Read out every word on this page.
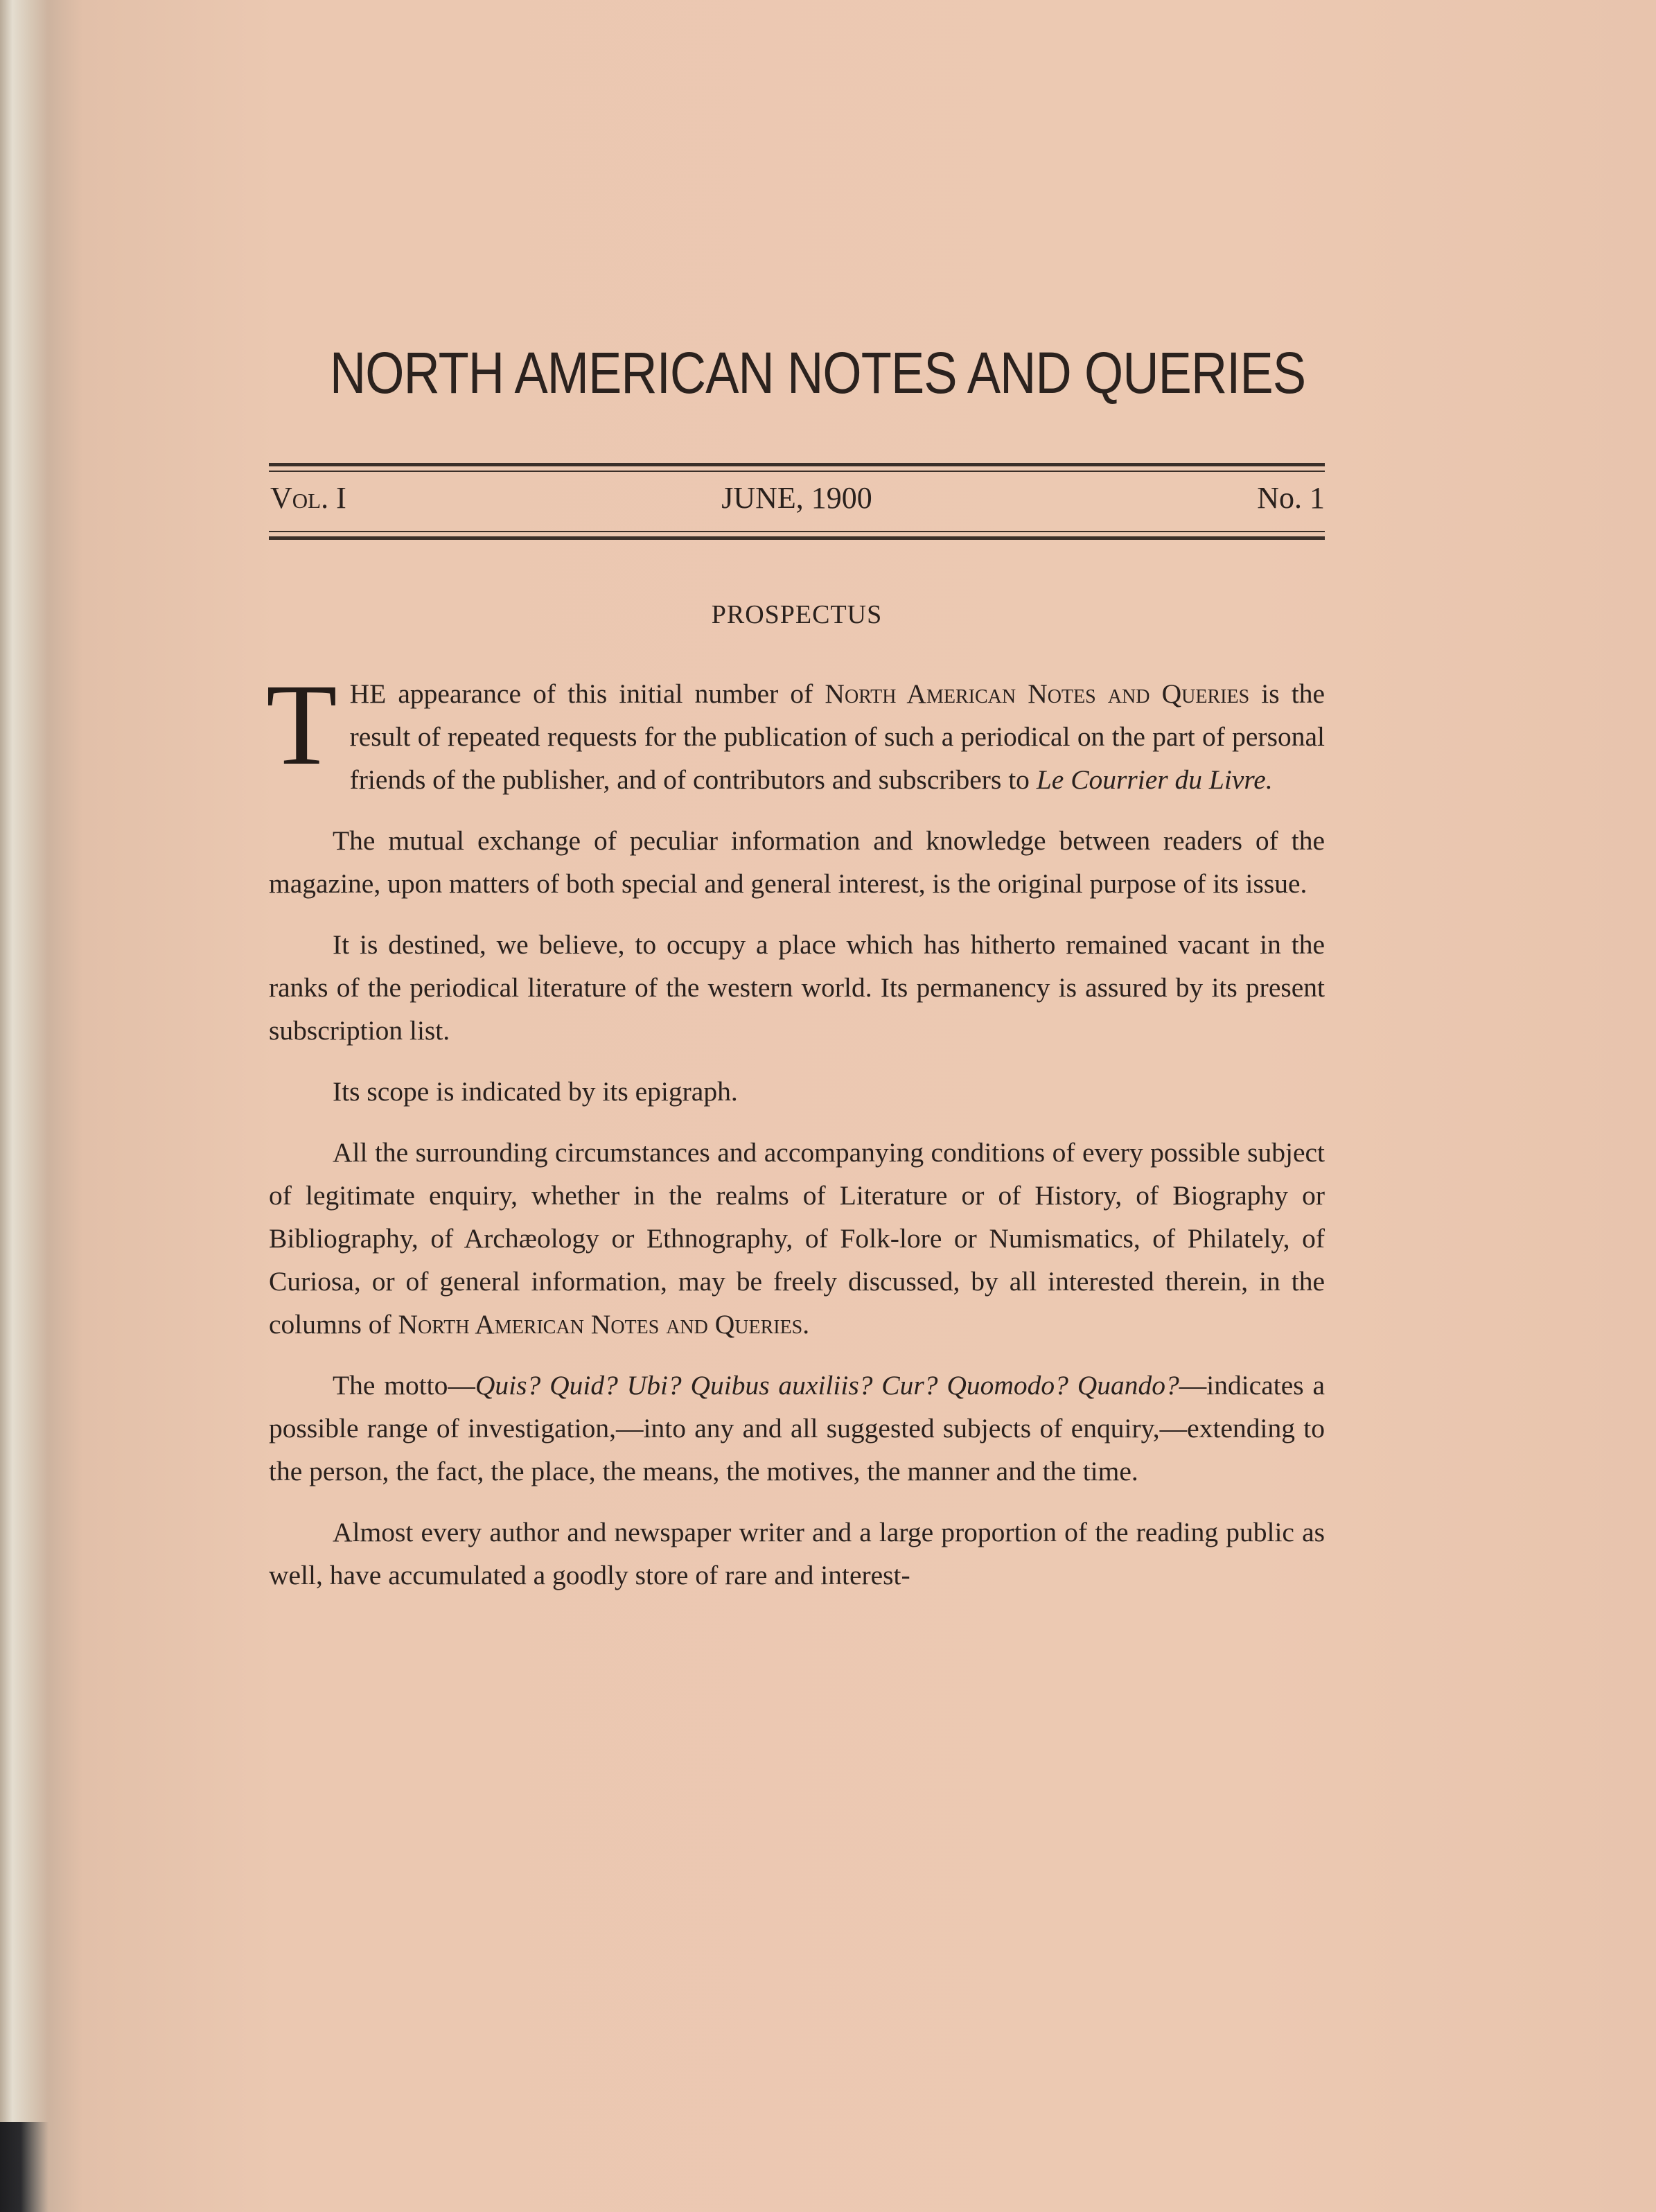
NORTH AMERICAN NOTES AND QUERIES
Vol. I	JUNE, 1900	No. 1
PROSPECTUS

THE appearance of this initial number of North American Notes and Queries is the result of repeated requests for the publication of such a periodical on the part of personal friends of the publisher, and of contributors and subscribers to Le Courrier du Livre.

The mutual exchange of peculiar information and knowledge between readers of the magazine, upon matters of both special and general interest, is the original purpose of its issue.

It is destined, we believe, to occupy a place which has hitherto remained vacant in the ranks of the periodical literature of the western world. Its permanency is assured by its present subscription list.

Its scope is indicated by its epigraph.

All the surrounding circumstances and accompanying conditions of every possible subject of legitimate enquiry, whether in the realms of Literature or of History, of Biography or Bibliography, of Archæology or Ethnography, of Folk-lore or Numismatics, of Philately, of Curiosa, or of general information, may be freely discussed, by all interested therein, in the columns of North American Notes and Queries.

The motto—Quis? Quid? Ubi? Quibus auxiliis? Cur? Quomodo? Quando?—indicates a possible range of investigation,—into any and all suggested subjects of enquiry,—extending to the person, the fact, the place, the means, the motives, the manner and the time.

Almost every author and newspaper writer and a large proportion of the reading public as well, have accumulated a goodly store of rare and interest-
